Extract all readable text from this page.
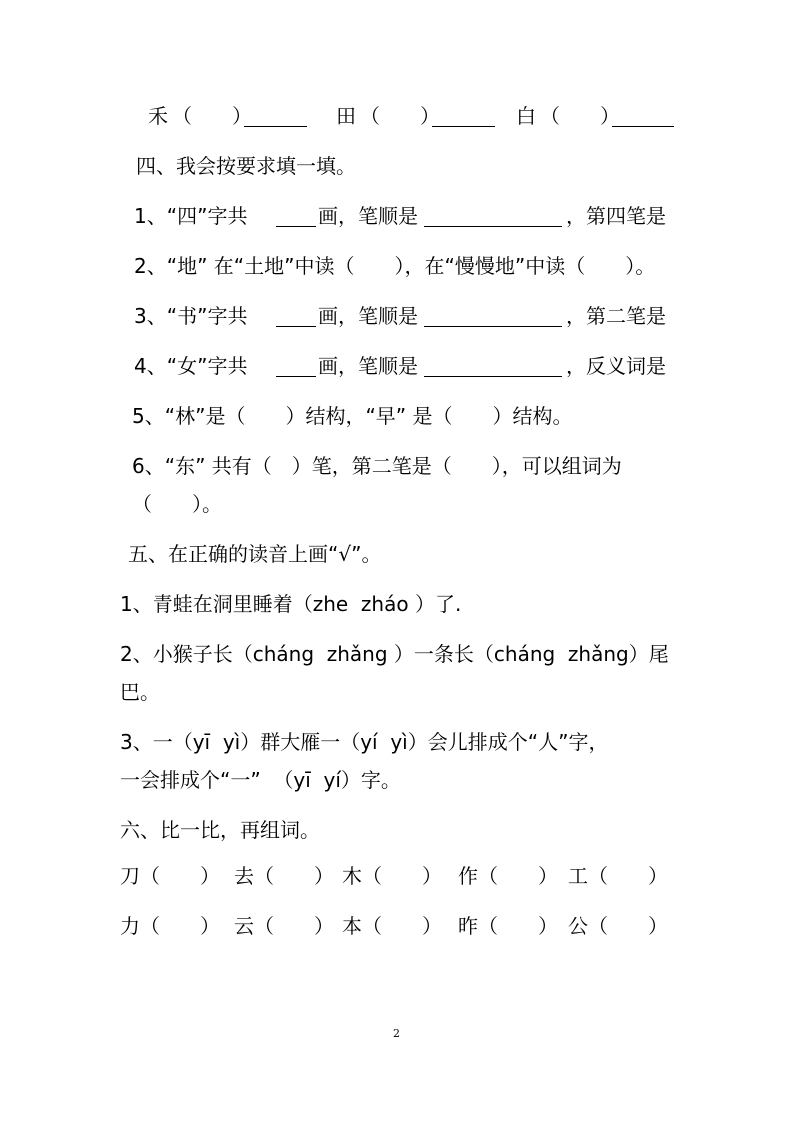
禾 （　　）	田 （　　）	白 （　　）
四、我会按要求填一填。
1、“四”字共	画，笔顺是	，第四笔是
2、“地” 在“土地”中读（　　），在“慢慢地”中读（　　）。
3、“书”字共	画，笔顺是	，第二笔是
4、“女”字共	画，笔顺是	，反义词是
5、“林”是（　　）结构，“早” 是（　　）结构。
6、“东” 共有（　）笔，第二笔是（　　），可以组词为
（　　）。
五、在正确的读音上画“√”。
1、青蛙在洞里睡着（zhe  zháo ）了.
2、小猴子长（cháng  zhǎng ）一条长（cháng  zhǎng）尾
巴。
3、一（yī  yì）群大雁一（yí  yì）会儿排成个“人”字，
一会排成个“一”  （yī  yí）字。
六、比一比，再组词。
刀（　　） 去（　　） 木（　　） 作（　　） 工（　　）
力（　　） 云（　　） 本（　　） 昨（　　） 公（　　）
2
